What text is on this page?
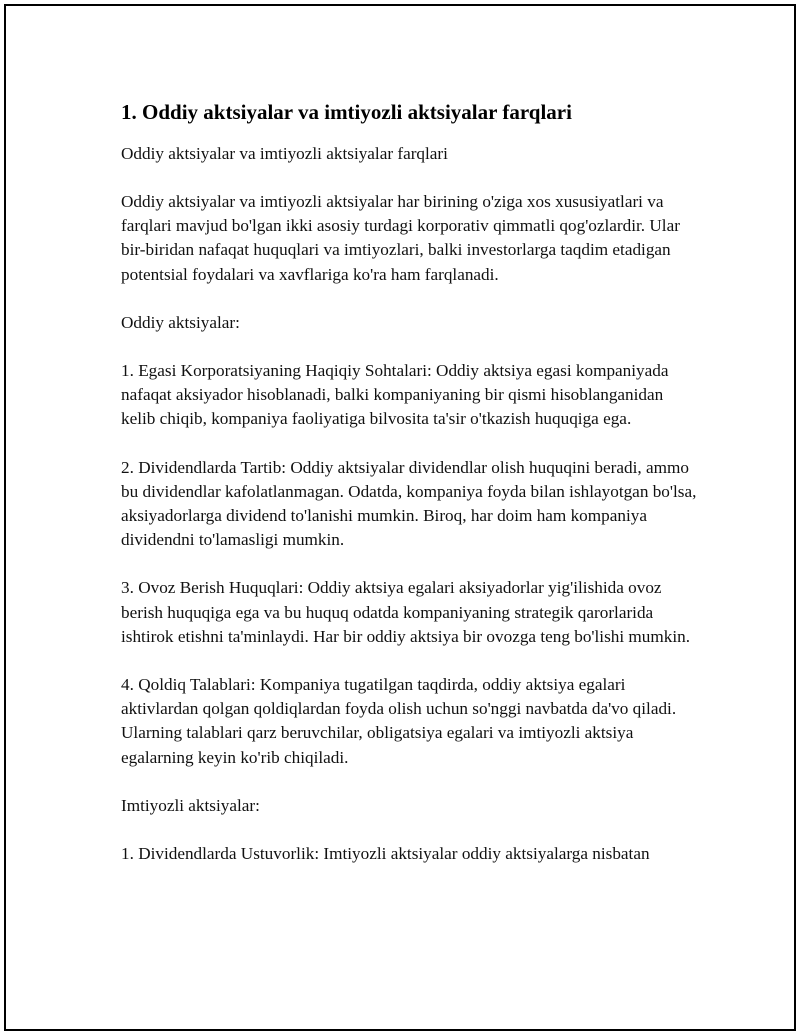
1. Oddiy aktsiyalar va imtiyozli aktsiyalar farqlari

Oddiy aktsiyalar va imtiyozli aktsiyalar farqlari

Oddiy aktsiyalar va imtiyozli aktsiyalar har birining o'ziga xos xususiyatlari va farqlari mavjud bo'lgan ikki asosiy turdagi korporativ qimmatli qog'ozlardir. Ular bir-biridan nafaqat huquqlari va imtiyozlari, balki investorlarga taqdim etadigan potentsial foydalari va xavflariga ko'ra ham farqlanadi.

Oddiy aktsiyalar:

1. Egasi Korporatsiyaning Haqiqiy Sohtalari: Oddiy aktsiya egasi kompaniyada nafaqat aksiyador hisoblanadi, balki kompaniyaning bir qismi hisoblanganidan kelib chiqib, kompaniya faoliyatiga bilvosita ta'sir o'tkazish huquqiga ega.

2. Dividendlarda Tartib: Oddiy aktsiyalar dividendlar olish huquqini beradi, ammo bu dividendlar kafolatlanmagan. Odatda, kompaniya foyda bilan ishlayotgan bo'lsa, aksiyadorlarga dividend to'lanishi mumkin. Biroq, har doim ham kompaniya dividendni to'lamasligi mumkin.

3. Ovoz Berish Huquqlari: Oddiy aktsiya egalari aksiyadorlar yig'ilishida ovoz berish huquqiga ega va bu huquq odatda kompaniyaning strategik qarorlarida ishtirok etishni ta'minlaydi. Har bir oddiy aktsiya bir ovozga teng bo'lishi mumkin.

4. Qoldiq Talablari: Kompaniya tugatilgan taqdirda, oddiy aktsiya egalari aktivlardan qolgan qoldiqlardan foyda olish uchun so'nggi navbatda da'vo qiladi. Ularning talablari qarz beruvchilar, obligatsiya egalari va imtiyozli aktsiya egalarning keyin ko'rib chiqiladi.

Imtiyozli aktsiyalar:

1. Dividendlarda Ustuvorlik: Imtiyozli aktsiyalar oddiy aktsiyalarga nisbatan
